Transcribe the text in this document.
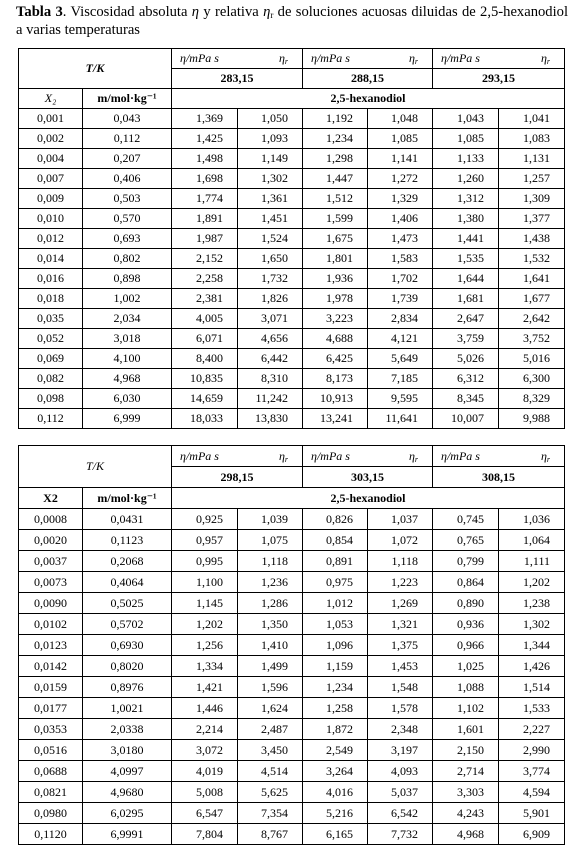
Tabla 3. Viscosidad absoluta η y relativa $\eta_r$ de soluciones acuosas diluidas de 2,5-hexanodiol a varias temperaturas
T/K		η/mPa s $\eta_r$		η/mPa s $\eta_r$		η/mPa s $\eta_r$

		283,15		288,15		293,15	
X₂	m/mol·kg⁻¹	2,5-hexanodiol					
0,001	0,043	1,369	1,050	1,192	1,048	1,043	1,041
0,002	0,112	1,425	1,093	1,234	1,085	1,085	1,083
0,004	0,207	1,498	1,149	1,298	1,141	1,133	1,131
0,007	0,406	1,698	1,302	1,447	1,272	1,260	1,257
0,009	0,503	1,774	1,361	1,512	1,329	1,312	1,309
0,010	0,570	1,891	1,451	1,599	1,406	1,380	1,377
0,012	0,693	1,987	1,524	1,675	1,473	1,441	1,438
0,014	0,802	2,152	1,650	1,801	1,583	1,535	1,532
0,016	0,898	2,258	1,732	1,936	1,702	1,644	1,641
0,018	1,002	2,381	1,826	1,978	1,739	1,681	1,677
0,035	2,034	4,005	3,071	3,223	2,834	2,647	2,642
0,052	3,018	6,071	4,656	4,688	4,121	3,759	3,752
0,069	4,100	8,400	6,442	6,425	5,649	5,026	5,016
0,082	4,968	10,835	8,310	8,173	7,185	6,312	6,300
0,098	6,030	14,659	11,242	10,913	9,595	8,345	8,329
0,112	6,999	18,033	13,830	13,241	11,641	10,007	9,988
T/K		η/mPa s $\eta_r$		η/mPa s $\eta_r$		η/mPa s $\eta_r$

		298,15		303,15		308,15	
X2	m/mol·kg⁻¹	2,5-hexanodiol					
0,0008	0,0431	0,925	1,039	0,826	1,037	0,745	1,036
0,0020	0,1123	0,957	1,075	0,854	1,072	0,765	1,064
0,0037	0,2068	0,995	1,118	0,891	1,118	0,799	1,111
0,0073	0,4064	1,100	1,236	0,975	1,223	0,864	1,202
0,0090	0,5025	1,145	1,286	1,012	1,269	0,890	1,238
0,0102	0,5702	1,202	1,350	1,053	1,321	0,936	1,302
0,0123	0,6930	1,256	1,410	1,096	1,375	0,966	1,344
0,0142	0,8020	1,334	1,499	1,159	1,453	1,025	1,426
0,0159	0,8976	1,421	1,596	1,234	1,548	1,088	1,514
0,0177	1,0021	1,446	1,624	1,258	1,578	1,102	1,533
0,0353	2,0338	2,214	2,487	1,872	2,348	1,601	2,227
0,0516	3,0180	3,072	3,450	2,549	3,197	2,150	2,990
0,0688	4,0997	4,019	4,514	3,264	4,093	2,714	3,774
0,0821	4,9680	5,008	5,625	4,016	5,037	3,303	4,594
0,0980	6,0295	6,547	7,354	5,216	6,542	4,243	5,901
0,1120	6,9991	7,804	8,767	6,165	7,732	4,968	6,909
